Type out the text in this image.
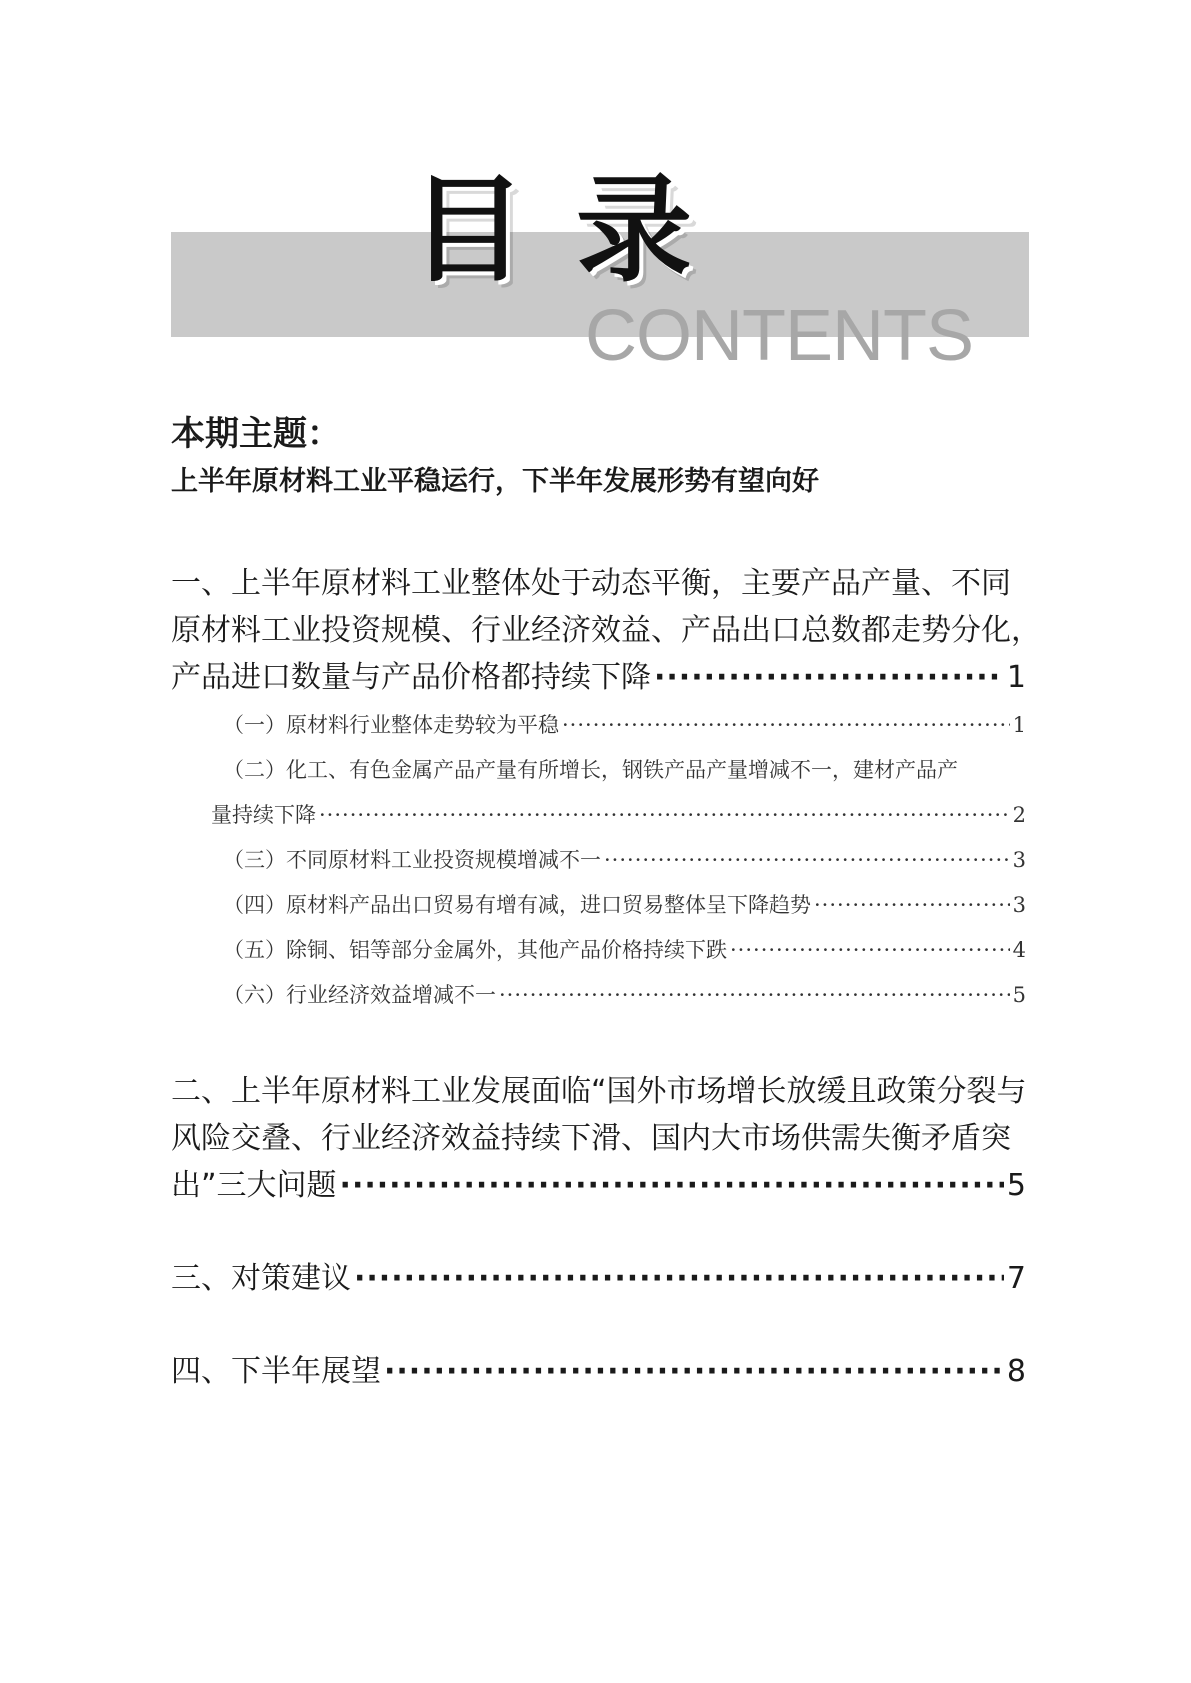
目录
CONTENTS
本期主题：
上半年原材料工业平稳运行，下半年发展形势有望向好
一、上半年原材料工业整体处于动态平衡，主要产品产量、不同
原材料工业投资规模、行业经济效益、产品出口总数都走势分化，
产品进口数量与产品价格都持续下降 ·····	1
（一）原材料行业整体走势较为平稳 ·····	1
（二）化工、有色金属产品产量有所增长，钢铁产品产量增减不一，建材产品产
量持续下降 ·····	2
（三）不同原材料工业投资规模增减不一 ·····	3
（四）原材料产品出口贸易有增有减，进口贸易整体呈下降趋势 ·····	3
（五）除铜、铝等部分金属外，其他产品价格持续下跌 ·····	4
（六）行业经济效益增减不一 ·····	5
二、上半年原材料工业发展面临“国外市场增长放缓且政策分裂与
风险交叠、行业经济效益持续下滑、国内大市场供需失衡矛盾突
出”三大问题 ·····	5
三、对策建议 ·····	7
四、下半年展望 ·····	8
